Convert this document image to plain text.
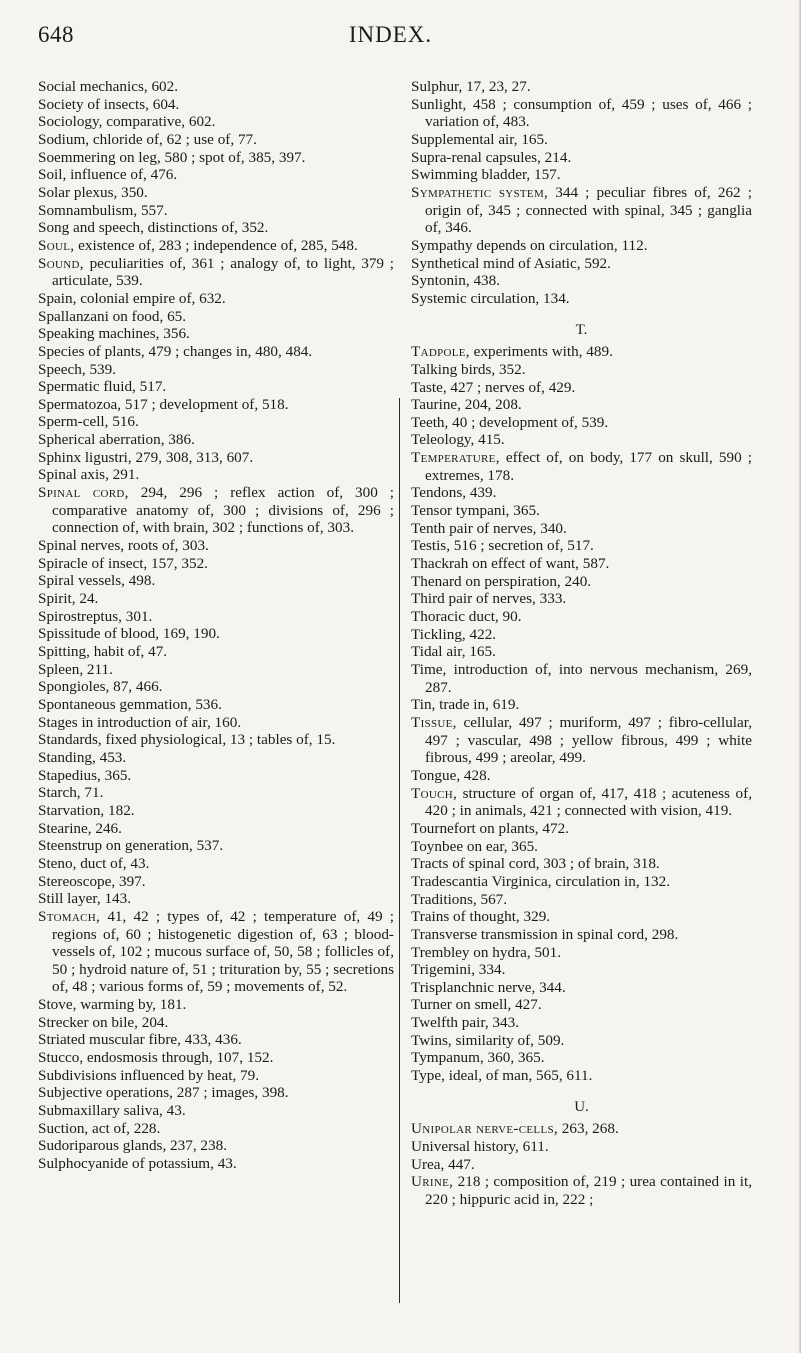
648	INDEX.
Social mechanics, 602.
Society of insects, 604.
Sociology, comparative, 602.
Sodium, chloride of, 62 ; use of, 77.
Soemmering on leg, 580 ; spot of, 385, 397.
Soil, influence of, 476.
Solar plexus, 350.
Somnambulism, 557.
Song and speech, distinctions of, 352.
Soul, existence of, 283 ; independence of, 285, 548.
Sound, peculiarities of, 361 ; analogy of, to light, 379 ; articulate, 539.
Spain, colonial empire of, 632.
Spallanzani on food, 65.
Speaking machines, 356.
Species of plants, 479 ; changes in, 480, 484.
Speech, 539.
Spermatic fluid, 517.
Spermatozoa, 517 ; development of, 518.
Sperm-cell, 516.
Spherical aberration, 386.
Sphinx ligustri, 279, 308, 313, 607.
Spinal axis, 291.
Spinal cord, 294, 296 ; reflex action of, 300 ; comparative anatomy of, 300 ; divisions of, 296 ; connection of, with brain, 302 ; functions of, 303.
Spinal nerves, roots of, 303.
Spiracle of insect, 157, 352.
Spiral vessels, 498.
Spirit, 24.
Spirostreptus, 301.
Spissitude of blood, 169, 190.
Spitting, habit of, 47.
Spleen, 211.
Spongioles, 87, 466.
Spontaneous gemmation, 536.
Stages in introduction of air, 160.
Standards, fixed physiological, 13 ; tables of, 15.
Standing, 453.
Stapedius, 365.
Starch, 71.
Starvation, 182.
Stearine, 246.
Steenstrup on generation, 537.
Steno, duct of, 43.
Stereoscope, 397.
Still layer, 143.
Stomach, 41, 42 ; types of, 42 ; temperature of, 49 ; regions of, 60 ; histogenetic digestion of, 63 ; blood-vessels of, 102 ; mucous surface of, 50, 58 ; follicles of, 50 ; hydroid nature of, 51 ; trituration by, 55 ; secretions of, 48 ; various forms of, 59 ; movements of, 52.
Stove, warming by, 181.
Strecker on bile, 204.
Striated muscular fibre, 433, 436.
Stucco, endosmosis through, 107, 152.
Subdivisions influenced by heat, 79.
Subjective operations, 287 ; images, 398.
Submaxillary saliva, 43.
Suction, act of, 228.
Sudoriparous glands, 237, 238.
Sulphocyanide of potassium, 43.
Sulphur, 17, 23, 27.
Sunlight, 458 ; consumption of, 459 ; uses of, 466 ; variation of, 483.
Supplemental air, 165.
Supra-renal capsules, 214.
Swimming bladder, 157.
Sympathetic system, 344 ; peculiar fibres of, 262 ; origin of, 345 ; connected with spinal, 345 ; ganglia of, 346.
Sympathy depends on circulation, 112.
Synthetical mind of Asiatic, 592.
Syntonin, 438.
Systemic circulation, 134.
T.
Tadpole, experiments with, 489.
Talking birds, 352.
Taste, 427 ; nerves of, 429.
Taurine, 204, 208.
Teeth, 40 ; development of, 539.
Teleology, 415.
Temperature, effect of, on body, 177 on skull, 590 ; extremes, 178.
Tendons, 439.
Tensor tympani, 365.
Tenth pair of nerves, 340.
Testis, 516 ; secretion of, 517.
Thackrah on effect of want, 587.
Thenard on perspiration, 240.
Third pair of nerves, 333.
Thoracic duct, 90.
Tickling, 422.
Tidal air, 165.
Time, introduction of, into nervous mechanism, 269, 287.
Tin, trade in, 619.
Tissue, cellular, 497 ; muriform, 497 ; fibro-cellular, 497 ; vascular, 498 ; yellow fibrous, 499 ; white fibrous, 499 ; areolar, 499.
Tongue, 428.
Touch, structure of organ of, 417, 418 ; acuteness of, 420 ; in animals, 421 ; connected with vision, 419.
Tournefort on plants, 472.
Toynbee on ear, 365.
Tracts of spinal cord, 303 ; of brain, 318.
Tradescantia Virginica, circulation in, 132.
Traditions, 567.
Trains of thought, 329.
Transverse transmission in spinal cord, 298.
Trembley on hydra, 501.
Trigemini, 334.
Trisplanchnic nerve, 344.
Turner on smell, 427.
Twelfth pair, 343.
Twins, similarity of, 509.
Tympanum, 360, 365.
Type, ideal, of man, 565, 611.
U.
Unipolar nerve-cells, 263, 268.
Universal history, 611.
Urea, 447.
Urine, 218 ; composition of, 219 ; urea contained in it, 220 ; hippuric acid in, 222 ;
